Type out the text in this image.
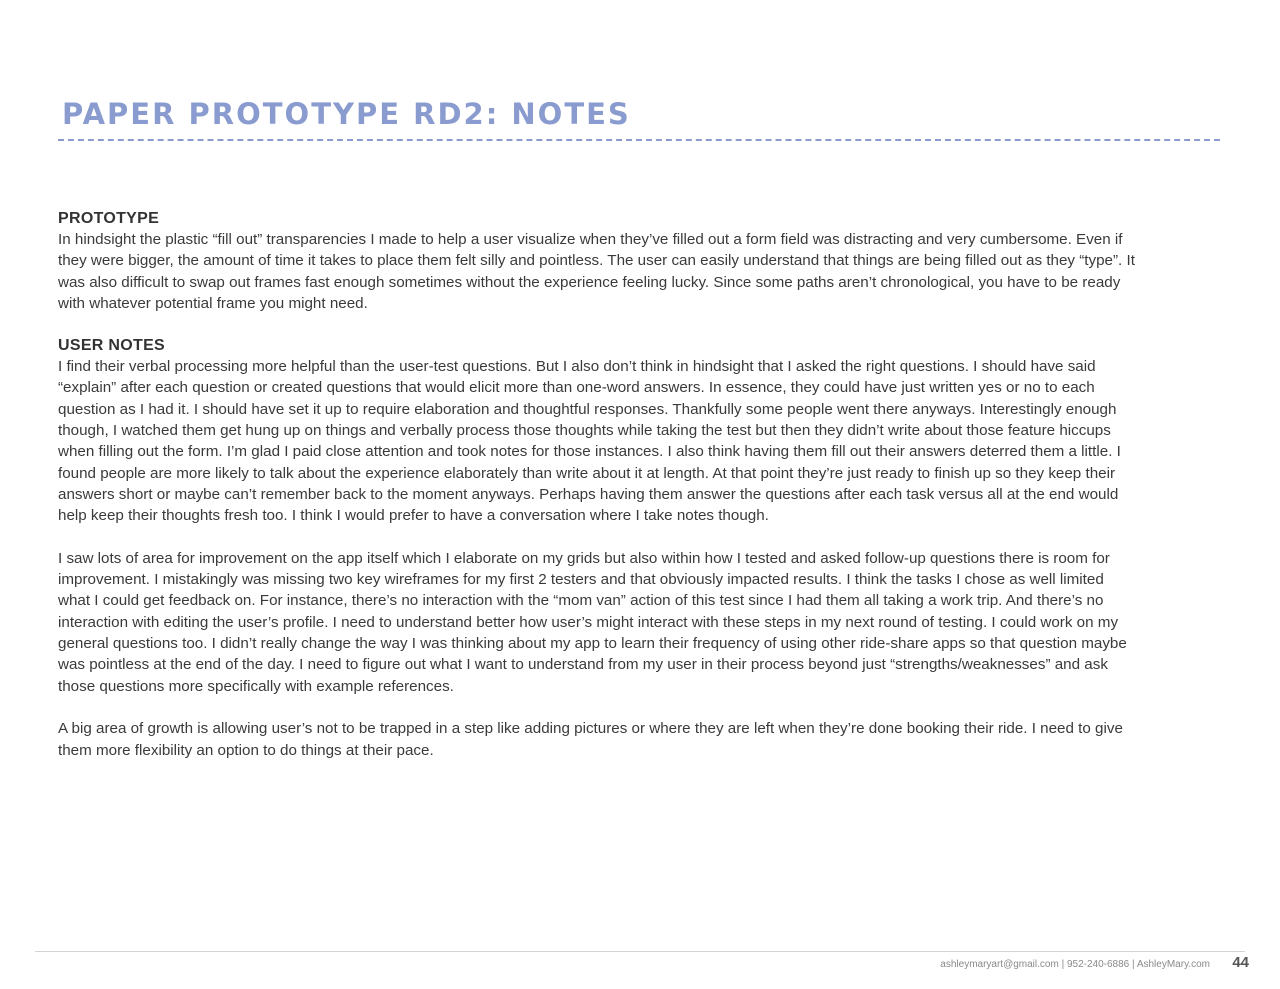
PAPER PROTOTYPE RD2: NOTES
PROTOTYPE

In hindsight the plastic “fill out” transparencies I made to help a user visualize when they’ve filled out a form field was distracting and very cumbersome. Even if they were bigger, the amount of time it takes to place them felt silly and pointless. The user can easily understand that things are being filled out as they “type”. It was also difficult to swap out frames fast enough sometimes without the experience feeling lucky. Since some paths aren’t chronological, you have to be ready with whatever potential frame you might need.

USER NOTES

I find their verbal processing more helpful than the user-test questions. But I also don’t think in hindsight that I asked the right questions. I should have said “explain” after each question or created questions that would elicit more than one-word answers. In essence, they could have just written yes or no to each question as I had it. I should have set it up to require elaboration and thoughtful responses. Thankfully some people went there anyways. Interestingly enough though, I watched them get hung up on things and verbally process those thoughts while taking the test but then they didn’t write about those feature hiccups when filling out the form. I’m glad I paid close attention and took notes for those instances. I also think having them fill out their answers deterred them a little. I found people are more likely to talk about the experience elaborately than write about it at length. At that point they’re just ready to finish up so they keep their answers short or maybe can’t remember back to the moment anyways. Perhaps having them answer the questions after each task versus all at the end would help keep their thoughts fresh too. I think I would prefer to have a conversation where I take notes though.

I saw lots of area for improvement on the app itself which I elaborate on my grids but also within how I tested and asked follow-up questions there is room for improvement. I mistakingly was missing two key wireframes for my first 2 testers and that obviously impacted results. I think the tasks I chose as well limited what I could get feedback on. For instance, there’s no interaction with the “mom van” action of this test since I had them all taking a work trip. And there’s no interaction with editing the user’s profile. I need to understand better how user’s might interact with these steps in my next round of testing. I could work on my general questions too. I didn’t really change the way I was thinking about my app to learn their frequency of using other ride-share apps so that question maybe was pointless at the end of the day. I need to figure out what I want to understand from my user in their process beyond just “strengths/weaknesses” and ask those questions more specifically with example references.

A big area of growth is allowing user’s not to be trapped in a step like adding pictures or where they are left when they’re done booking their ride. I need to give them more flexibility an option to do things at their pace.

ashleymaryart@gmail.com | 952-240-6886 | AshleyMary.com 44
